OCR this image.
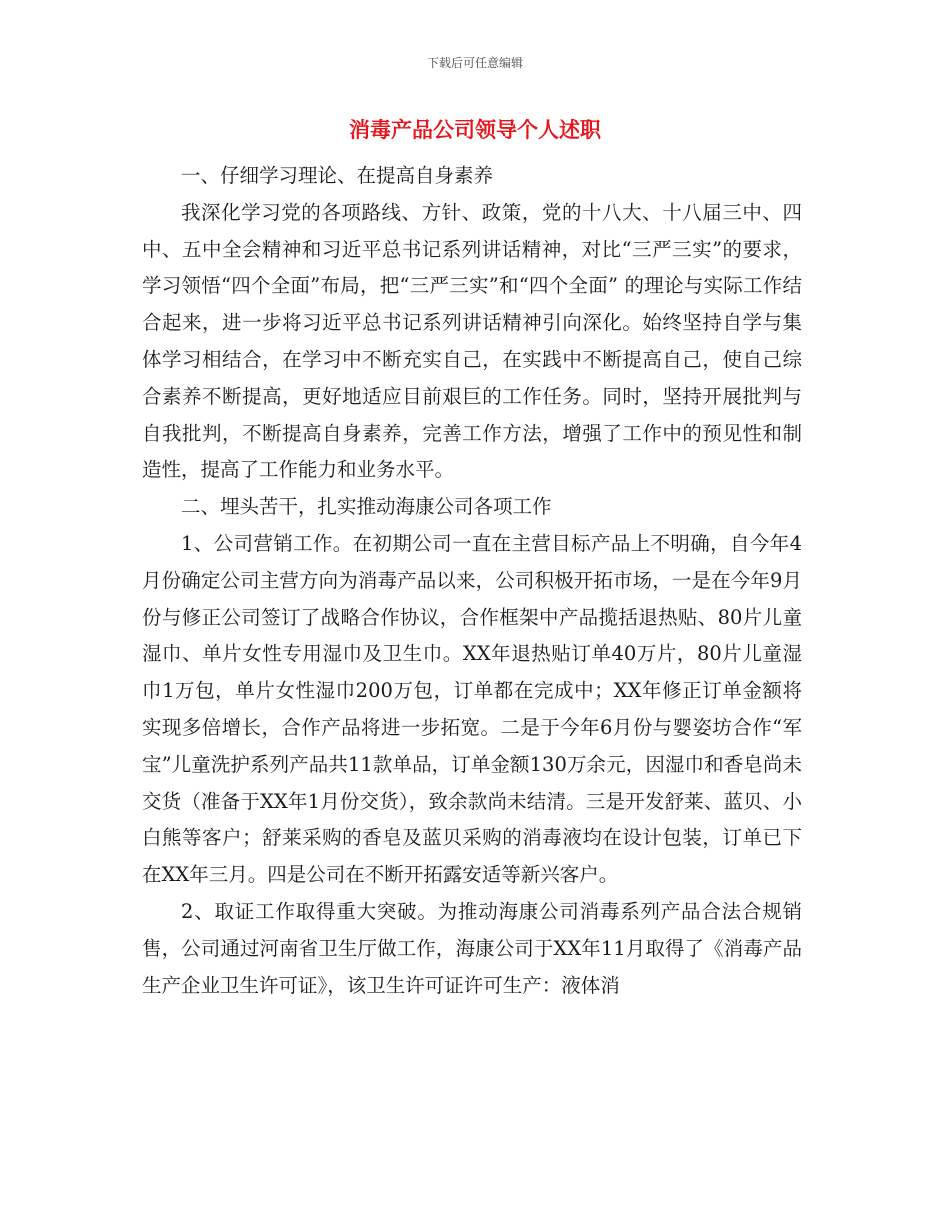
下载后可任意编辑
消毒产品公司领导个人述职

一、仔细学习理论、在提高自身素养

我深化学习党的各项路线、方针、政策，党的十八大、十八届三中、四中、五中全会精神和习近平总书记系列讲话精神，对比“三严三实”的要求，学习领悟“四个全面”布局，把“三严三实”和“四个全面” 的理论与实际工作结合起来，进一步将习近平总书记系列讲话精神引向深化。始终坚持自学与集体学习相结合，在学习中不断充实自己，在实践中不断提高自己，使自己综合素养不断提高，更好地适应目前艰巨的工作任务。同时，坚持开展批判与自我批判，不断提高自身素养，完善工作方法，增强了工作中的预见性和制造性，提高了工作能力和业务水平。

二、埋头苦干，扎实推动海康公司各项工作

1、公司营销工作。在初期公司一直在主营目标产品上不明确，自今年4月份确定公司主营方向为消毒产品以来，公司积极开拓市场，一是在今年9月份与修正公司签订了战略合作协议，合作框架中产品揽括退热贴、80片儿童湿巾、单片女性专用湿巾及卫生巾。XX年退热贴订单40万片，80片儿童湿巾1万包，单片女性湿巾200万包，订单都在完成中；XX年修正订单金额将实现多倍增长，合作产品将进一步拓宽。二是于今年6月份与婴姿坊合作“军宝”儿童洗护系列产品共11款单品，订单金额130万余元，因湿巾和香皂尚未交货（准备于XX年1月份交货），致余款尚未结清。三是开发舒莱、蓝贝、小白熊等客户；舒莱采购的香皂及蓝贝采购的消毒液均在设计包装，订单已下在XX年三月。四是公司在不断开拓露安适等新兴客户。

2、取证工作取得重大突破。为推动海康公司消毒系列产品合法合规销售，公司通过河南省卫生厅做工作，海康公司于XX年11月取得了《消毒产品生产企业卫生许可证》，该卫生许可证许可生产：液体消
